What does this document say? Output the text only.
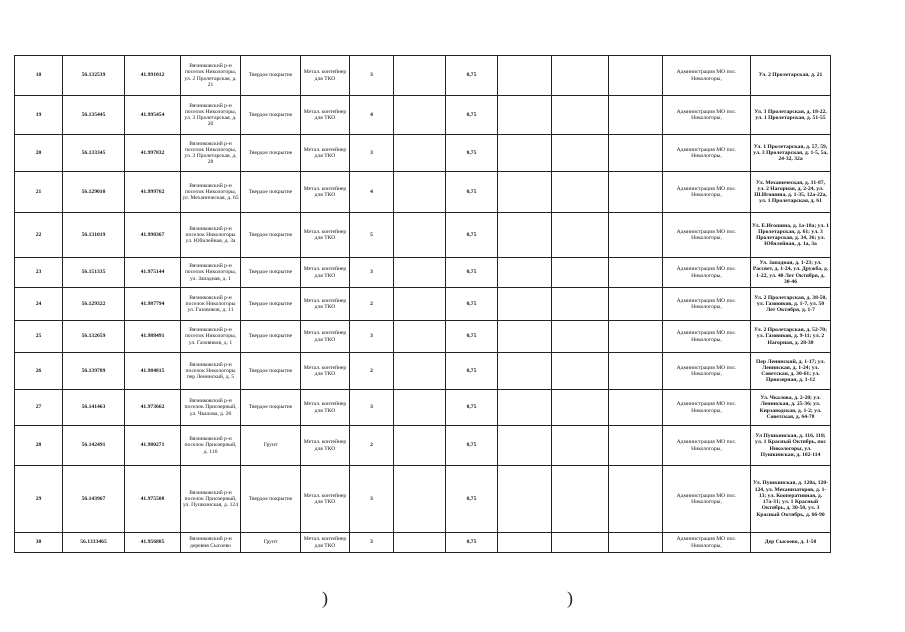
18	56.132539	41.991012	Вязниковский р-н поселок Никологоры, ул. 2 Пролетарская, д. 21	Твердое покрытие	Метал. контейнер для ТКО	3		0,75				Администрация МО пос. Никологоры,	Ул. 2 Пролетарская, д. 21
19	56.135445	41.995454	Вязниковский р-н поселок Никологоры, ул. 3 Пролетарская, д. 20	Твердое покрытие	Метал. контейнер для ТКО	4		0,75				Администрация МО пос. Никологоры,	Ул. 3 Пролетарская, д. 18-22, ул. 1 Пролетарская, д. 51-55
20	56.133345	41.997832	Вязниковский р-н поселок Никологоры, ул. 3 Пролетарская, д. 28	Твердое покрытие	Метал. контейнер для ТКО	3		0,75				Администрация МО пос. Никологоры,	Ул. 1 Пролетарская, д. 57, 59, ул. 3 Пролетарская, д. 1-5, 5а, 24-32, 32а
21	56.129010	41.999762	Вязниковский р-н поселок Никологоры, ул. Механическая, д. 65	Твердое покрытие	Метал. контейнер для ТКО	4		0,75				Администрация МО пос. Никологоры,	Ул. Механическая, д. 31-87, ул. 2 Нагорная, д. 2-24, ул. Ш.Игошина, д. 1-35, 12а-22а, ул. 1 Пролетарская, д. 61
22	56.131019	41.998367	Вязниковский р-н поселок Никологоры ул. Юбилейная, д. 3а	Твердое покрытие	Метал. контейнер для ТКО	5		0,75				Администрация МО пос. Никологоры,	Ул. Е.Игошина, д. 1а-18а; ул. 1 Пролетарская, д. 61; ул. 3 Пролетарская, д. 34, 36; ул. Юбилейная, д. 1а, 3а
23	56.151335	41.975144	Вязниковский р-н поселок Никологоры, ул. Западная, д. 1	Твердое покрытие	Метал. контейнер для ТКО	3		0,75				Администрация МО пос. Никологоры,	Ул. Западная, д. 1-23; ул. Рассвет, д. 1-24, ул. Дружба, д. 1-22, ул. 40 Лет Октября, д. 30-46
24	56.129322	41.987794	Вязниковский р-н поселок Никологоры ул. Газовиков, д. 11	Твердое покрытие	Метал. контейнер для ТКО	2		0,75				Администрация МО пос. Никологоры,	Ул. 2 Пролетарская, д. 38-50, ул. Газовиков, д. 1-7, ул. 50 Лет Октября, д. 1-7
25	56.132659	41.988491	Вязниковский р-н поселок Никологоры, ул. Газовиков, д. 1	Твердое покрытие	Метал. контейнер для ТКО	3		0,75				Администрация МО пос. Никологоры,	Ул. 2 Пролетарская, д. 52-70; ул. Газовиков, д. 9-11; ул. 2 Нагорная, д. 28-38
26	56.139789	41.984815	Вязниковский р-н поселок Никологоры пер Ленинский, д. 5	Твердое покрытие	Метал. контейнер для ТКО	2		0,75				Администрация МО пос. Никологоры,	Пер Ленинский, д. 1-17; ул. Ленинская, д. 1-24; ул. Советская, д. 30-61; ул. Приозерная, д. 1-12
27	56.141463	41.973662	Вязниковский р-н поселок Приозерный, ул. Чкалова, д. 20	Твердое покрытие	Метал. контейнер для ТКО	3		0,75				Администрация МО пос. Никологоры,	Ул. Чкалова, д. 2-20; ул. Ленинская, д. 25-36; ул. Кирзаводская, д. 1-2; ул. Советская, д. 64-78
28	56.142491	41.980271	Вязниковский р-н поселок Приозерный, д. 116	Грунт	Метал. контейнер для ТКО	2		0,75				Администрация МО пос. Никологоры,	Ул Пушкинская, д. 116, 118; ул. 1 Красный Октябрь, пос Никологоры, ул. Пушкинская, д. 102-114
29	56.143967	41.975508	Вязниковский р-н поселок Приозерный, ул. Пушкинская, д. 124	Твердое покрытие	Метал. контейнер для ТКО	3		0,75				Администрация МО пос. Никологоры,	Ул. Пушкинская, д. 120а, 120-124, ул. Механизаторов, д. 1-13; ул. Кооперативная, д. 17а-31; ул. 1 Красный Октябрь, д. 30-50, ул. 3 Красный Октябрь, д. 66-90
30	56.1333465	41.956885	Вязниковский р-н деревня Сысоево	Грунт	Метал. контейнер для ТКО	3		0,75				Администрация МО пос. Никологоры,	Дер Сысоево, д. 1-50
)	)
